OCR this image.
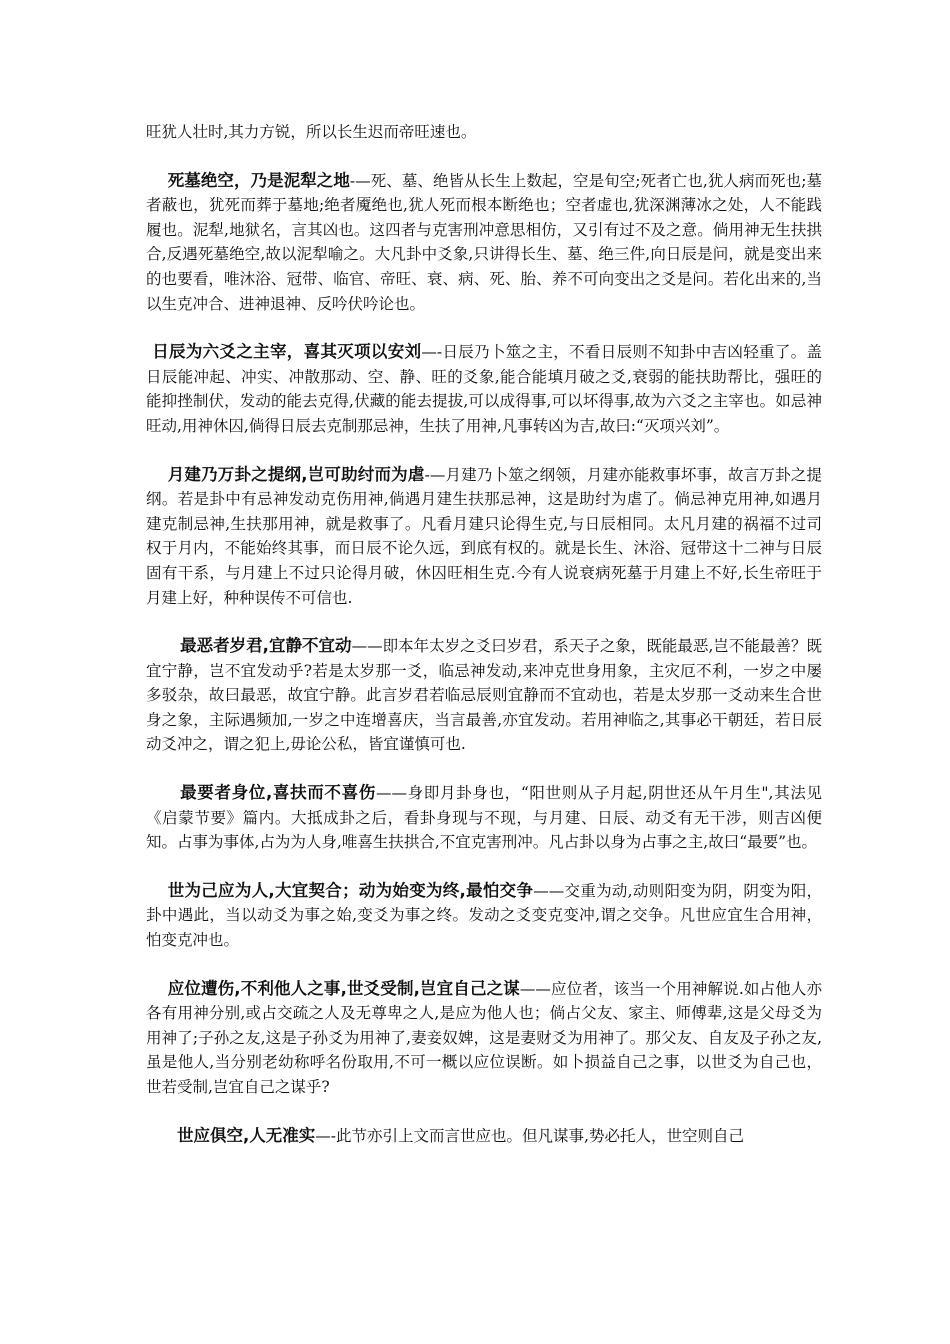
旺犹人壮时,其力方锐，所以长生迟而帝旺速也。

死墓绝空，乃是泥犁之地-—死、墓、绝皆从长生上数起，空是旬空;死者亡也,犹人病而死也;墓者蔽也，犹死而葬于墓地;绝者魇绝也,犹人死而根本断绝也；空者虚也,犹深渊薄冰之处，人不能践履也。泥犁,地狱名，言其凶也。这四者与克害刑冲意思相仿，又引有过不及之意。倘用神无生扶拱合,反遇死墓绝空,故以泥犁喻之。大凡卦中爻象,只讲得长生、墓、绝三件,向日辰是问，就是变出来的也要看，唯沐浴、冠带、临官、帝旺、衰、病、死、胎、养不可向变出之爻是问。若化出来的,当以生克冲合、进神退神、反吟伏吟论也。

日辰为六爻之主宰，喜其灭项以安刘—-日辰乃卜筮之主，不看日辰则不知卦中吉凶轻重了。盖日辰能冲起、冲实、冲散那动、空、静、旺的爻象,能合能填月破之爻,衰弱的能扶助帮比，强旺的能抑挫制伏，发动的能去克得,伏藏的能去提拔,可以成得事,可以坏得事,故为六爻之主宰也。如忌神旺动,用神休囚,倘得日辰去克制那忌神，生扶了用神,凡事转凶为吉,故曰:“灭项兴刘”。

月建乃万卦之提纲,岂可助纣而为虐-—月建乃卜筮之纲领，月建亦能救事坏事，故言万卦之提纲。若是卦中有忌神发动克伤用神,倘遇月建生扶那忌神，这是助纣为虐了。倘忌神克用神,如遇月建克制忌神,生扶那用神，就是救事了。凡看月建只论得生克,与日辰相同。太凡月建的祸福不过司权于月内，不能始终其事，而日辰不论久远，到底有权的。就是长生、沐浴、冠带这十二神与日辰固有干系，与月建上不过只论得月破，休囚旺相生克.今有人说衰病死墓于月建上不好,长生帝旺于月建上好，种种误传不可信也.

最恶者岁君,宜静不宜动——即本年太岁之爻曰岁君，系天子之象，既能最恶,岂不能最善？既宜宁静，岂不宜发动乎?若是太岁那一爻，临忌神发动,来冲克世身用象，主灾厄不利，一岁之中屡多驳杂，故曰最恶，故宜宁静。此言岁君若临忌辰则宜静而不宜动也，若是太岁那一爻动来生合世身之象，主际遇频加,一岁之中连增喜庆，当言最善,亦宜发动。若用神临之,其事必干朝廷，若日辰动爻冲之，谓之犯上,毋论公私，皆宜谨慎可也.

最要者身位,喜扶而不喜伤——身即月卦身也，“阳世则从子月起,阴世还从午月生",其法见《启蒙节要》篇内。大抵成卦之后，看卦身现与不现，与月建、日辰、动爻有无干涉，则吉凶便知。占事为事体,占为为人身,唯喜生扶拱合,不宜克害刑冲。凡占卦以身为占事之主,故曰“最要”也。

世为己应为人,大宜契合；动为始变为终,最怕交争——交重为动,动则阳变为阴，阴变为阳，卦中遇此，当以动爻为事之始,变爻为事之终。发动之爻变克变冲,谓之交争。凡世应宜生合用神，怕变克冲也。

应位遭伤,不利他人之事,世爻受制,岂宜自己之谋——应位者，该当一个用神解说.如占他人亦各有用神分别,或占交疏之人及无尊卑之人,是应为他人也；倘占父友、家主、师傅辈,这是父母爻为用神了;子孙之友,这是子孙爻为用神了,妻妾奴婢，这是妻财爻为用神了。那父友、自友及子孙之友,虽是他人,当分别老幼称呼名份取用,不可一概以应位误断。如卜损益自己之事，以世爻为自己也，世若受制,岂宜自己之谋乎?

世应俱空,人无准实—-此节亦引上文而言世应也。但凡谋事,势必托人，世空则自己
